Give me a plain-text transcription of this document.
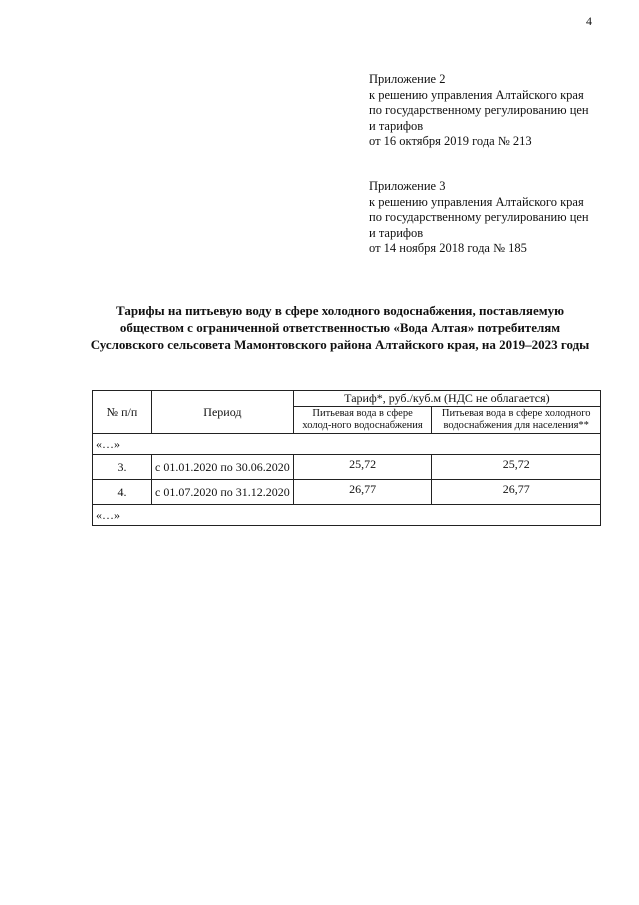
4
Приложение 2
к решению управления Алтайского края
по государственному регулированию цен
и тарифов
от 16 октября 2019 года № 213
Приложение 3
к решению управления Алтайского края
по государственному регулированию цен
и тарифов
от 14 ноября 2018 года № 185
Тарифы на питьевую воду в сфере холодного водоснабжения, поставляемую
обществом с ограниченной ответственностью «Вода Алтая» потребителям
Сусловского сельсовета Мамонтовского района Алтайского края, на 2019–2023 годы
№ п/п	Период	Тариф*, руб./куб.м (НДС не облагается)	
		Питьевая вода в сфере холод-ного водоснабжения	Питьевая вода в сфере холодного водоснабжения для населения**
«…»			
3.	с 01.01.2020 по 30.06.2020	25,72	25,72
4.	с 01.07.2020 по 31.12.2020	26,77	26,77
«…»			
